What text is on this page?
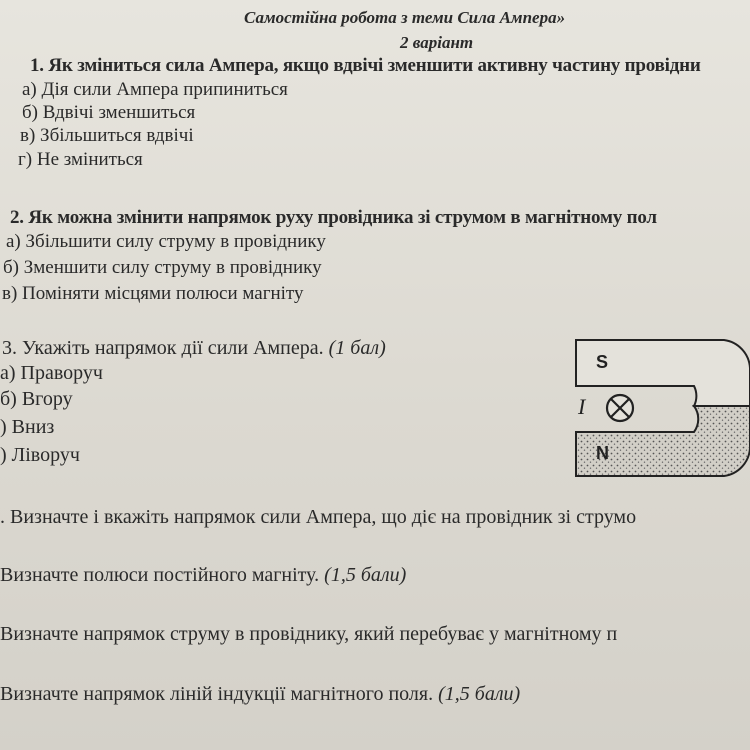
Самостійна робота з теми Сила Ампера»
2 варіант
1. Як зміниться сила Ампера, якщо вдвічі зменшити активну частину провідни
а) Дія сили Ампера припиниться
б) Вдвічі зменшиться
в) Збільшиться вдвічі
г) Не зміниться
2. Як можна змінити напрямок руху провідника зі струмом в магнітному пол
а) Збільшити силу струму в провіднику
б) Зменшити силу струму в провіднику
в) Поміняти місцями полюси магніту
3. Укажіть напрямок дії сили Ампера. (1 бал)
а) Праворуч
б) Вгору
) Вниз
) Ліворуч
S
N
I
. Визначте і вкажіть напрямок сили Ампера, що діє на провідник зі струмо
Визначте полюси постійного магніту. (1,5 бали)
Визначте напрямок струму в провіднику, який перебуває у магнітному п
Визначте напрямок ліній індукції магнітного поля. (1,5 бали)
